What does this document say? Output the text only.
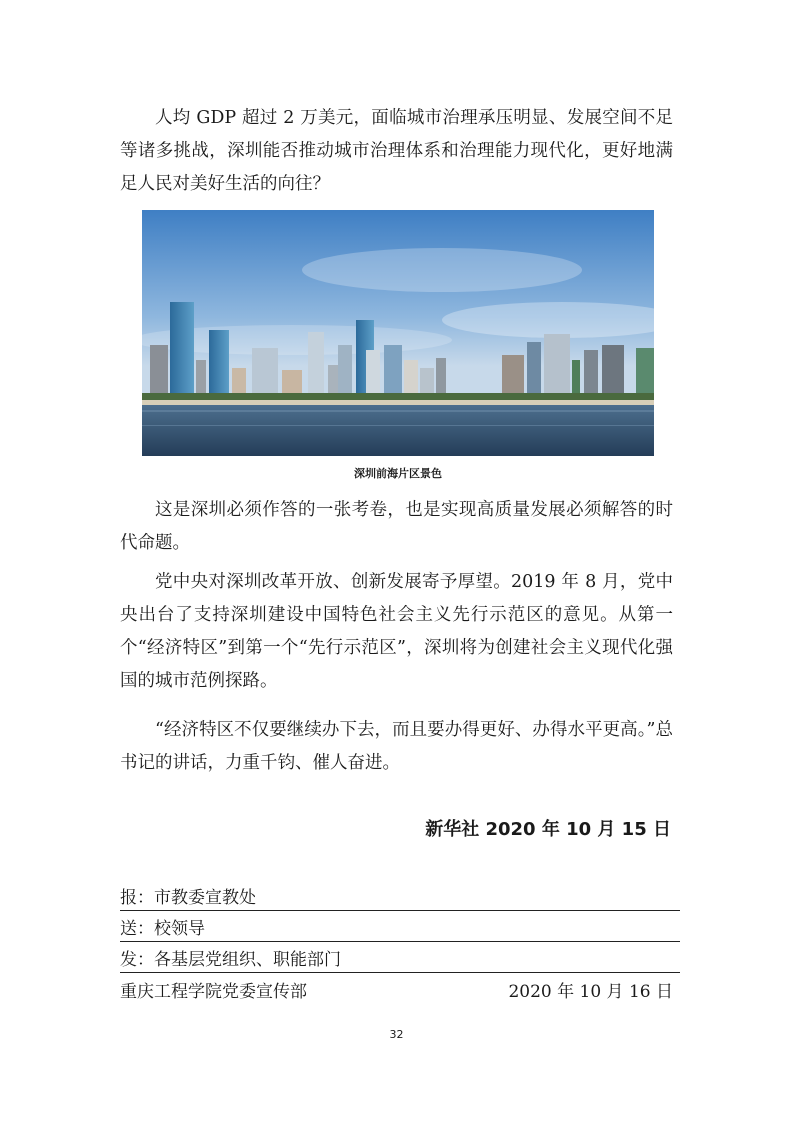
人均 GDP 超过 2 万美元，面临城市治理承压明显、发展空间不足等诸多挑战，深圳能否推动城市治理体系和治理能力现代化，更好地满足人民对美好生活的向往？

深圳前海片区景色

这是深圳必须作答的一张考卷，也是实现高质量发展必须解答的时代命题。

党中央对深圳改革开放、创新发展寄予厚望。2019 年 8 月，党中央出台了支持深圳建设中国特色社会主义先行示范区的意见。从第一个“经济特区”到第一个“先行示范区”，深圳将为创建社会主义现代化强国的城市范例探路。

“经济特区不仅要继续办下去，而且要办得更好、办得水平更高。”总书记的讲话，力重千钧、催人奋进。

新华社 2020 年 10 月 15 日
报：市教委宣教处
送：校领导
发：各基层党组织、职能部门
重庆工程学院党委宣传部	2020 年 10 月 16 日
32
